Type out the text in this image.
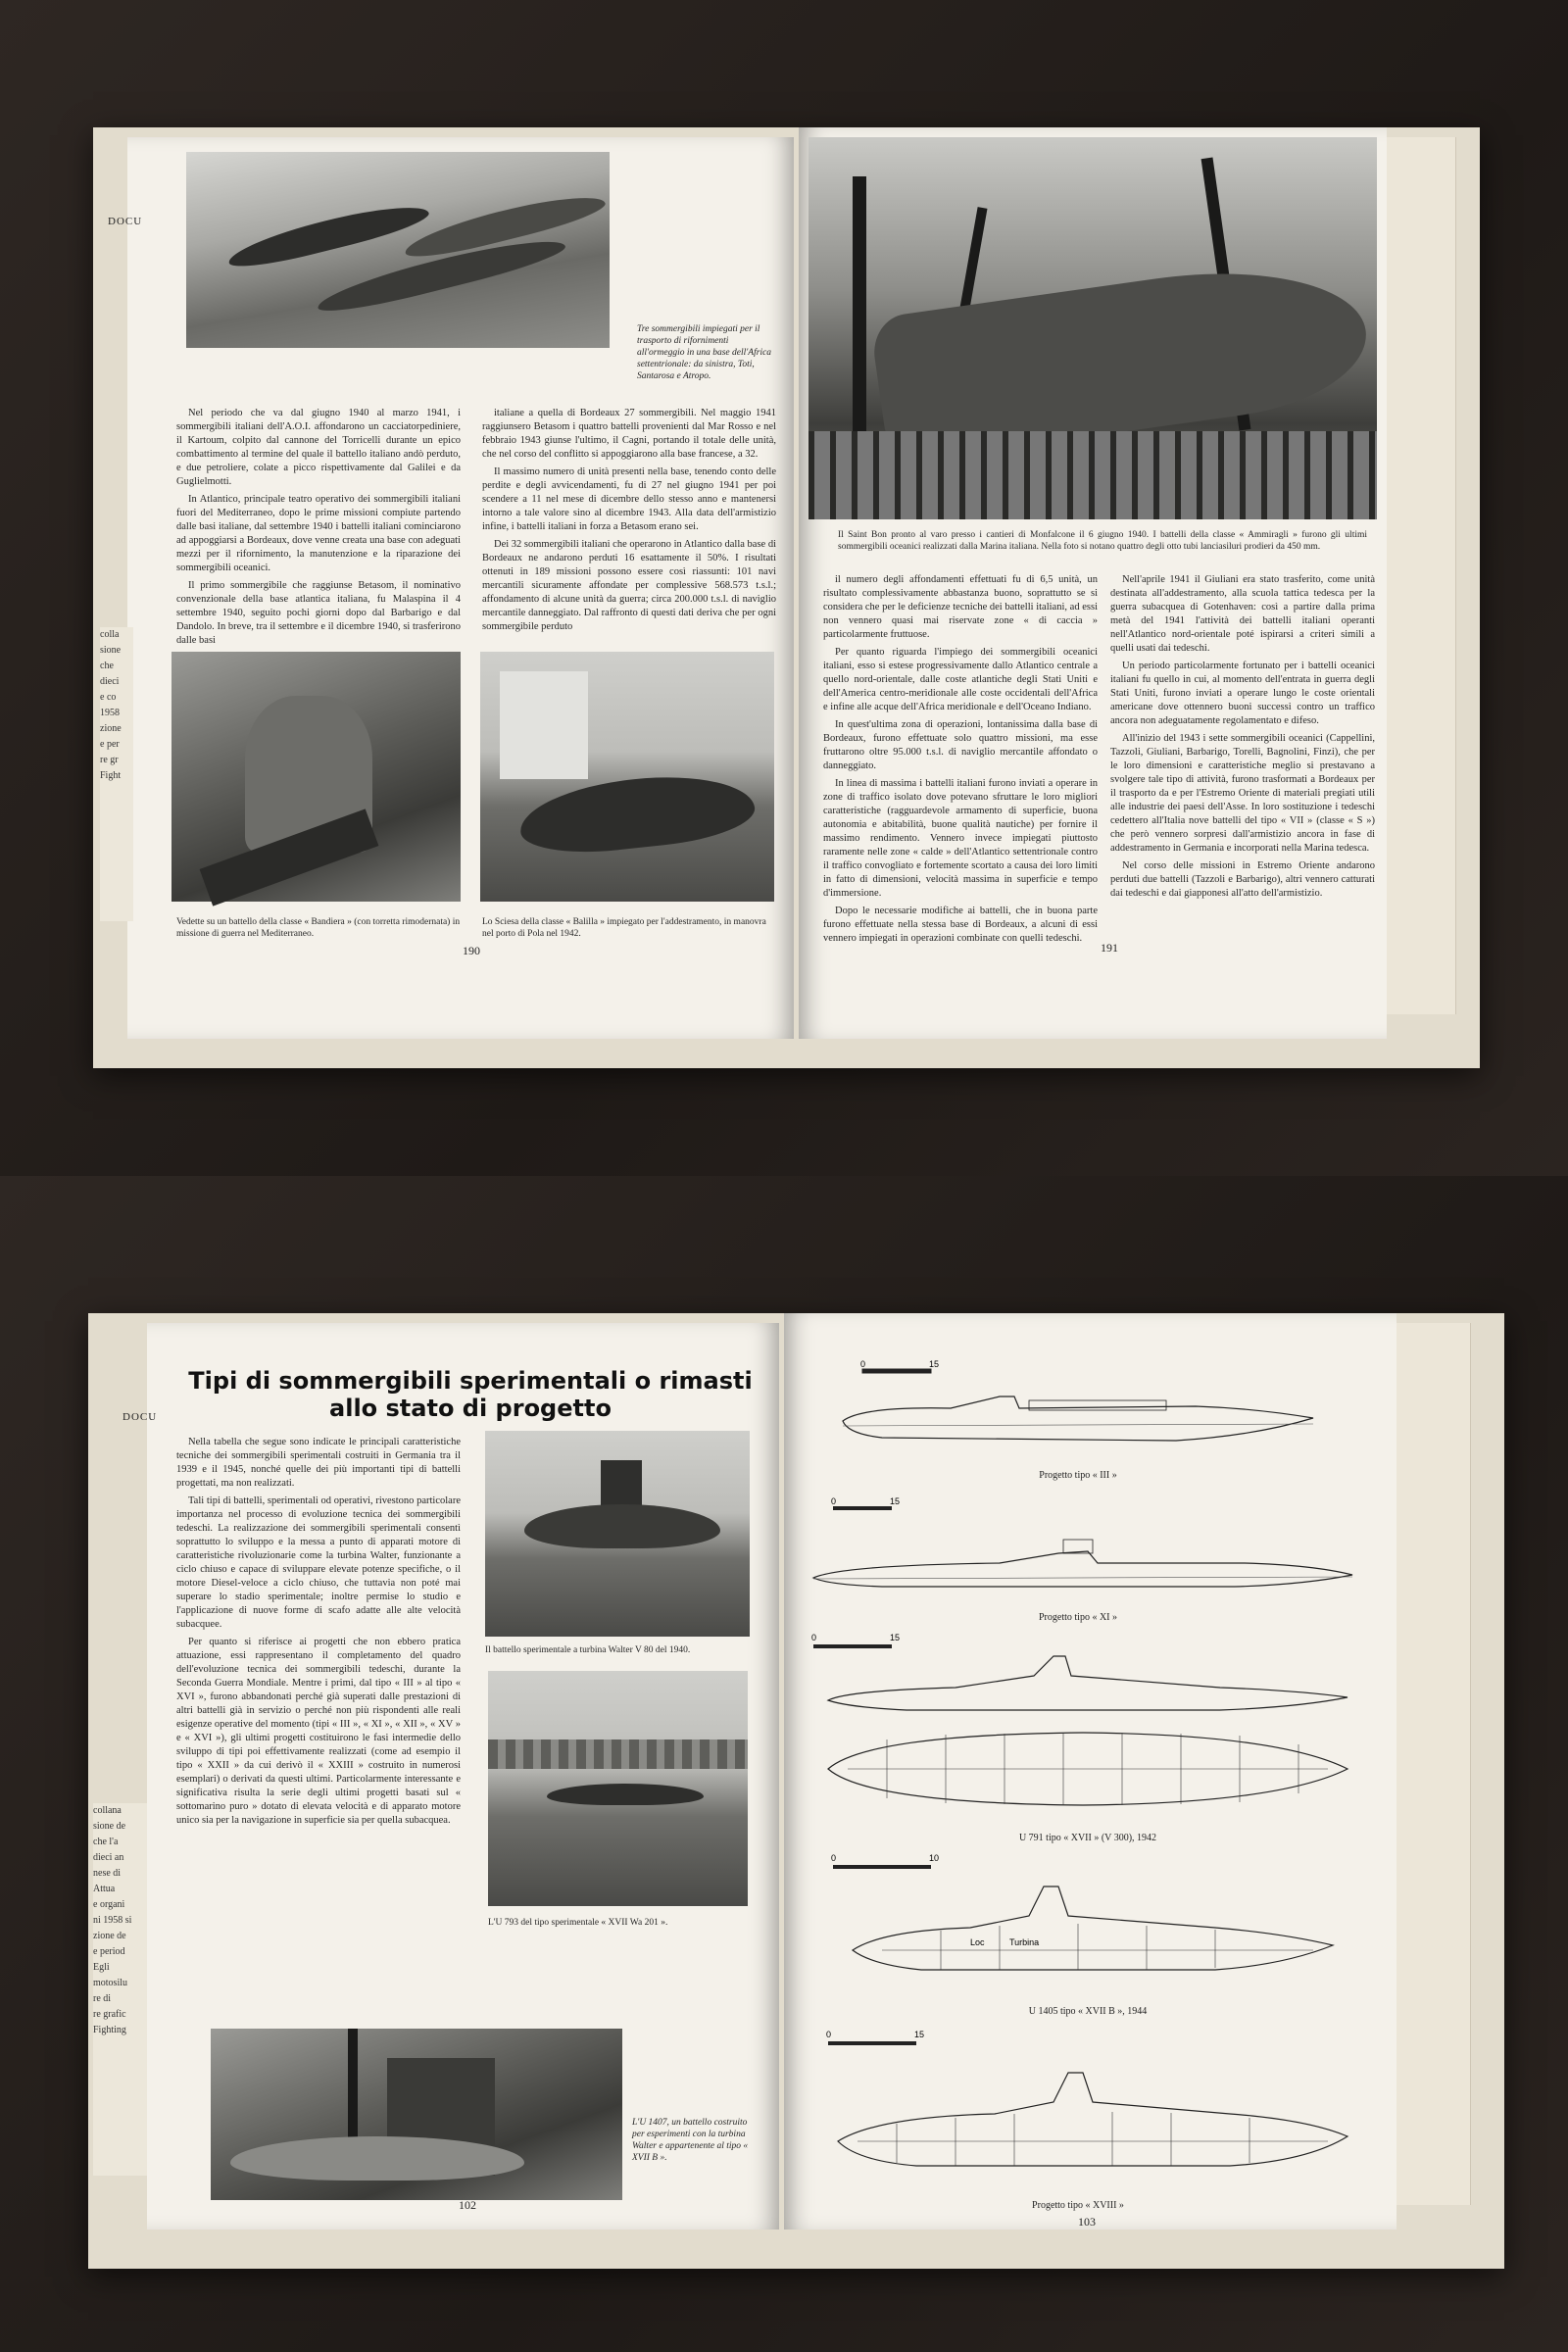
DOCU
Tre sommergibili impiegati per il trasporto di rifornimenti all'ormeggio in una base dell'Africa settentrionale: da sinistra, Toti, Santarosa e Atropo.

Nel periodo che va dal giugno 1940 al marzo 1941, i sommergibili italiani dell'A.O.I. affondarono un cacciatorpediniere, il Kartoum, colpito dal cannone del Torricelli durante un epico combattimento al termine del quale il battello italiano andò perduto, e due petroliere, colate a picco rispettivamente dal Galilei e da Guglielmotti.

In Atlantico, principale teatro operativo dei sommergibili italiani fuori del Mediterraneo, dopo le prime missioni compiute partendo dalle basi italiane, dal settembre 1940 i battelli italiani cominciarono ad appoggiarsi a Bordeaux, dove venne creata una base con adeguati mezzi per il rifornimento, la manutenzione e la riparazione dei sommergibili oceanici.

Il primo sommergibile che raggiunse Betasom, il nominativo convenzionale della base atlantica italiana, fu Malaspina il 4 settembre 1940, seguito pochi giorni dopo dal Barbarigo e dal Dandolo. In breve, tra il settembre e il dicembre 1940, si trasferirono dalle basi

italiane a quella di Bordeaux 27 sommergibili. Nel maggio 1941 raggiunsero Betasom i quattro battelli provenienti dal Mar Rosso e nel febbraio 1943 giunse l'ultimo, il Cagni, portando il totale delle unità, che nel corso del conflitto si appoggiarono alla base francese, a 32.

Il massimo numero di unità presenti nella base, tenendo conto delle perdite e degli avvicendamenti, fu di 27 nel giugno 1941 per poi scendere a 11 nel mese di dicembre dello stesso anno e mantenersi intorno a tale valore sino al dicembre 1943. Alla data dell'armistizio infine, i battelli italiani in forza a Betasom erano sei.

Dei 32 sommergibili italiani che operarono in Atlantico dalla base di Bordeaux ne andarono perduti 16 esattamente il 50%. I risultati ottenuti in 189 missioni possono essere così riassunti: 101 navi mercantili sicuramente affondate per complessive 568.573 t.s.l.; affondamento di alcune unità da guerra; circa 200.000 t.s.l. di naviglio mercantile danneggiato. Dal raffronto di questi dati deriva che per ogni sommergibile perduto

Vedette su un battello della classe « Bandiera » (con torretta rimodernata) in missione di guerra nel Mediterraneo.
Lo Sciesa della classe « Balilla » impiegato per l'addestramento, in manovra nel porto di Pola nel 1942.
190
colla
sione
che
dieci
e co
1958
zione
e per
re gr
Fight
Il Saint Bon pronto al varo presso i cantieri di Monfalcone il 6 giugno 1940. I battelli della classe « Ammiragli » furono gli ultimi sommergibili oceanici realizzati dalla Marina italiana. Nella foto si notano quattro degli otto tubi lanciasiluri prodieri da 450 mm.

il numero degli affondamenti effettuati fu di 6,5 unità, un risultato complessivamente abbastanza buono, soprattutto se si considera che per le deficienze tecniche dei battelli italiani, ad essi non vennero quasi mai riservate zone « di caccia » particolarmente fruttuose.

Per quanto riguarda l'impiego dei sommergibili oceanici italiani, esso si estese progressivamente dallo Atlantico centrale a quello nord-orientale, dalle coste atlantiche degli Stati Uniti e dell'America centro-meridionale alle coste occidentali dell'Africa e infine alle acque dell'Africa meridionale e dell'Oceano Indiano.

In quest'ultima zona di operazioni, lontanissima dalla base di Bordeaux, furono effettuate solo quattro missioni, ma esse fruttarono oltre 95.000 t.s.l. di naviglio mercantile affondato o danneggiato.

In linea di massima i battelli italiani furono inviati a operare in zone di traffico isolato dove potevano sfruttare le loro migliori caratteristiche (ragguardevole armamento di superficie, buona autonomia e abitabilità, buone qualità nautiche) per fornire il massimo rendimento. Vennero invece impiegati piuttosto raramente nelle zone « calde » dell'Atlantico settentrionale contro il traffico convogliato e fortemente scortato a causa dei loro limiti in fatto di dimensioni, velocità massima in superficie e tempo d'immersione.

Dopo le necessarie modifiche ai battelli, che in buona parte furono effettuate nella stessa base di Bordeaux, a alcuni di essi vennero impiegati in operazioni combinate con quelli tedeschi.

Nell'aprile 1941 il Giuliani era stato trasferito, come unità destinata all'addestramento, alla scuola tattica tedesca per la guerra subacquea di Gotenhaven: così a partire dalla prima metà del 1941 l'attività dei battelli italiani operanti nell'Atlantico nord-orientale poté ispirarsi a criteri simili a quelli usati dai tedeschi.

Un periodo particolarmente fortunato per i battelli oceanici italiani fu quello in cui, al momento dell'entrata in guerra degli Stati Uniti, furono inviati a operare lungo le coste orientali americane dove ottennero buoni successi contro un traffico ancora non adeguatamente regolamentato e difeso.

All'inizio del 1943 i sette sommergibili oceanici (Cappellini, Tazzoli, Giuliani, Barbarigo, Torelli, Bagnolini, Finzi), che per le loro dimensioni e caratteristiche meglio si prestavano a svolgere tale tipo di attività, furono trasformati a Bordeaux per il trasporto da e per l'Estremo Oriente di materiali pregiati utili alle industrie dei paesi dell'Asse. In loro sostituzione i tedeschi cedettero all'Italia nove battelli del tipo « VII » (classe « S ») che però vennero sorpresi dall'armistizio ancora in fase di addestramento in Germania e incorporati nella Marina tedesca.

Nel corso delle missioni in Estremo Oriente andarono perduti due battelli (Tazzoli e Barbarigo), altri vennero catturati dai tedeschi e dai giapponesi all'atto dell'armistizio.

191
DOCU
Tipi di sommergibili sperimentali o rimasti allo stato di progetto

Nella tabella che segue sono indicate le principali caratteristiche tecniche dei sommergibili sperimentali costruiti in Germania tra il 1939 e il 1945, nonché quelle dei più importanti tipi di battelli progettati, ma non realizzati.

Tali tipi di battelli, sperimentali od operativi, rivestono particolare importanza nel processo di evoluzione tecnica dei sommergibili tedeschi. La realizzazione dei sommergibili sperimentali consentì soprattutto lo sviluppo e la messa a punto di apparati motore di caratteristiche rivoluzionarie come la turbina Walter, funzionante a ciclo chiuso e capace di sviluppare elevate potenze specifiche, o il motore Diesel-veloce a ciclo chiuso, che tuttavia non poté mai superare lo stadio sperimentale; inoltre permise lo studio e l'applicazione di nuove forme di scafo adatte alle alte velocità subacquee.

Per quanto si riferisce ai progetti che non ebbero pratica attuazione, essi rappresentano il completamento del quadro dell'evoluzione tecnica dei sommergibili tedeschi, durante la Seconda Guerra Mondiale. Mentre i primi, dal tipo « III » al tipo « XVI », furono abbandonati perché già superati dalle prestazioni di altri battelli già in servizio o perché non più rispondenti alle reali esigenze operative del momento (tipi « III », « XI », « XII », « XV » e « XVI »), gli ultimi progetti costituirono le fasi intermedie dello sviluppo di tipi poi effettivamente realizzati (come ad esempio il tipo « XXII » da cui derivò il « XXIII » costruito in numerosi esemplari) o derivati da questi ultimi. Particolarmente interessante e significativa risulta la serie degli ultimi progetti basati sul « sottomarino puro » dotato di elevata velocità e di apparato motore unico sia per la navigazione in superficie sia per quella subacquea.

Il battello sperimentale a turbina Walter V 80 del 1940.
L'U 793 del tipo sperimentale « XVII Wa 201 ».
L'U 1407, un battello costruito per esperimenti con la turbina Walter e appartenente al tipo « XVII B ».
102
collana
sione de
che l'a
dieci an
nese di
Attua
e organi
ni 1958 si
zione de
e period
Egli
motosilu
re di
re grafic
Fighting
0	15
Progetto tipo « III »
0	15
Progetto tipo « XI »
0	15
U 791 tipo « XVII » (V 300), 1942
0	10
Loc	Turbina
U 1405 tipo « XVII B », 1944
0	15
Progetto tipo « XVIII »
103
